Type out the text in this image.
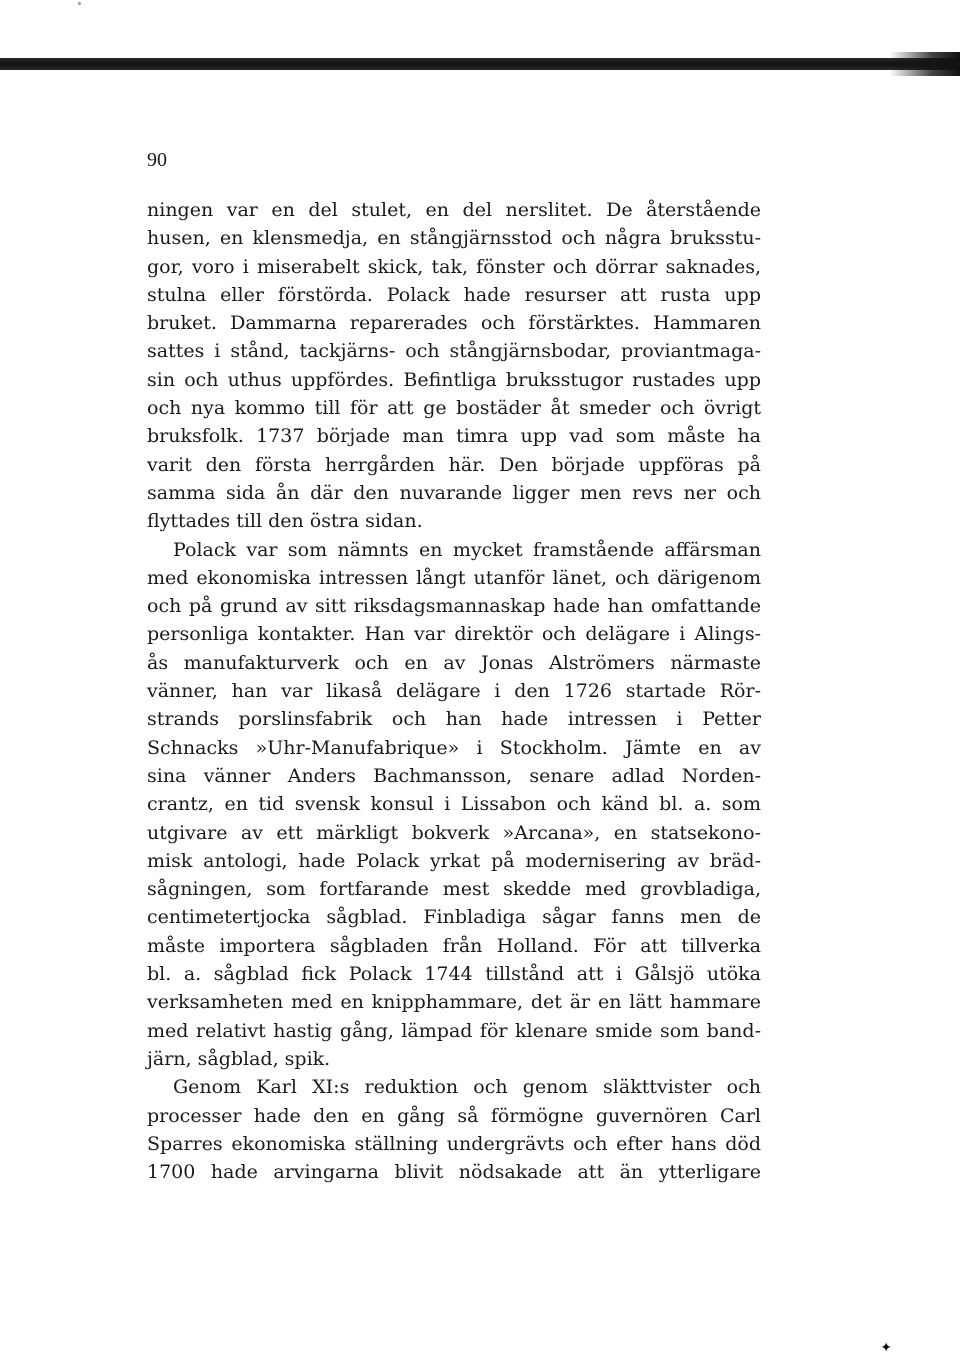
90
ningen var en del stulet, en del nerslitet. De återstående
husen, en klensmedja, en stångjärnsstod och några bruksstu-
gor, voro i miserabelt skick, tak, fönster och dörrar saknades,
stulna eller förstörda. Polack hade resurser att rusta upp
bruket. Dammarna reparerades och förstärktes. Hammaren
sattes i stånd, tackjärns- och stångjärnsbodar, proviantmaga-
sin och uthus uppfördes. Befintliga bruksstugor rustades upp
och nya kommo till för att ge bostäder åt smeder och övrigt
bruksfolk. 1737 började man timra upp vad som måste ha
varit den första herrgården här. Den började uppföras på
samma sida ån där den nuvarande ligger men revs ner och
flyttades till den östra sidan.
Polack var som nämnts en mycket framstående affärsman
med ekonomiska intressen långt utanför länet, och därigenom
och på grund av sitt riksdagsmannaskap hade han omfattande
personliga kontakter. Han var direktör och delägare i Alings-
ås manufakturverk och en av Jonas Alströmers närmaste
vänner, han var likaså delägare i den 1726 startade Rör-
strands porslinsfabrik och han hade intressen i Petter
Schnacks »Uhr-Manufabrique» i Stockholm. Jämte en av
sina vänner Anders Bachmansson, senare adlad Norden-
crantz, en tid svensk konsul i Lissabon och känd bl. a. som
utgivare av ett märkligt bokverk »Arcana», en statsekono-
misk antologi, hade Polack yrkat på modernisering av bräd-
sågningen, som fortfarande mest skedde med grovbladiga,
centimetertjocka sågblad. Finbladiga sågar fanns men de
måste importera sågbladen från Holland. För att tillverka
bl. a. sågblad fick Polack 1744 tillstånd att i Gålsjö utöka
verksamheten med en knipphammare, det är en lätt hammare
med relativt hastig gång, lämpad för klenare smide som band-
järn, sågblad, spik.
Genom Karl XI:s reduktion och genom släkttvister och
processer hade den en gång så förmögne guvernören Carl
Sparres ekonomiska ställning undergrävts och efter hans död
1700 hade arvingarna blivit nödsakade att än ytterligare
✦
